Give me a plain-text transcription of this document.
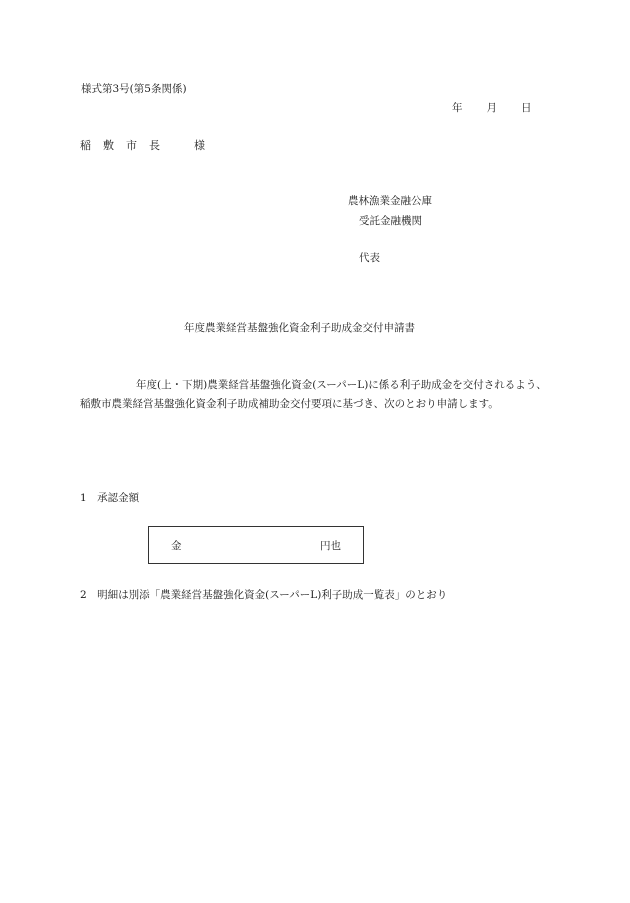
様式第3号(第5条関係)
年 月 日
稲 敷 市 長	様
農林漁業金融公庫
受託金融機関
代表
年度農業経営基盤強化資金利子助成金交付申請書
年度(上・下期)農業経営基盤強化資金(スーパーL)に係る利子助成金を交付されるよう、稲敷市農業経営基盤強化資金利子助成補助金交付要項に基づき、次のとおり申請します。
1　承認金額
金	円也
2　明細は別添「農業経営基盤強化資金(スーパーL)利子助成一覧表」のとおり
